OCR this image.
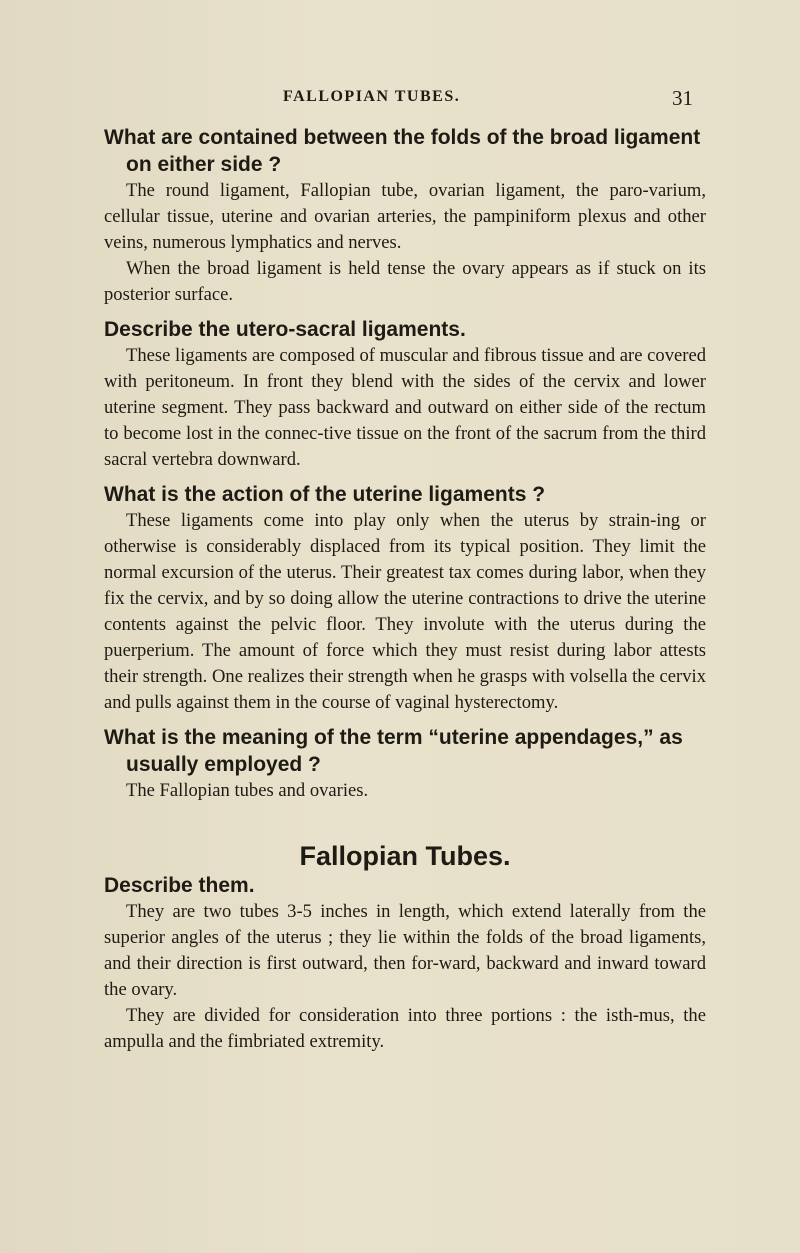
FALLOPIAN TUBES.	31

What are contained between the folds of the broad ligament on either side ?

The round ligament, Fallopian tube, ovarian ligament, the paro-varium, cellular tissue, uterine and ovarian arteries, the pampiniform plexus and other veins, numerous lymphatics and nerves.

When the broad ligament is held tense the ovary appears as if stuck on its posterior surface.

Describe the utero-sacral ligaments.

These ligaments are composed of muscular and fibrous tissue and are covered with peritoneum. In front they blend with the sides of the cervix and lower uterine segment. They pass backward and outward on either side of the rectum to become lost in the connec-tive tissue on the front of the sacrum from the third sacral vertebra downward.

What is the action of the uterine ligaments ?

These ligaments come into play only when the uterus by strain-ing or otherwise is considerably displaced from its typical position. They limit the normal excursion of the uterus. Their greatest tax comes during labor, when they fix the cervix, and by so doing allow the uterine contractions to drive the uterine contents against the pelvic floor. They involute with the uterus during the puerperium. The amount of force which they must resist during labor attests their strength. One realizes their strength when he grasps with volsella the cervix and pulls against them in the course of vaginal hysterectomy.

What is the meaning of the term “uterine appendages,” as usually employed ?

The Fallopian tubes and ovaries.

Fallopian Tubes.

Describe them.

They are two tubes 3-5 inches in length, which extend laterally from the superior angles of the uterus ; they lie within the folds of the broad ligaments, and their direction is first outward, then for-ward, backward and inward toward the ovary.

They are divided for consideration into three portions : the isth-mus, the ampulla and the fimbriated extremity.
